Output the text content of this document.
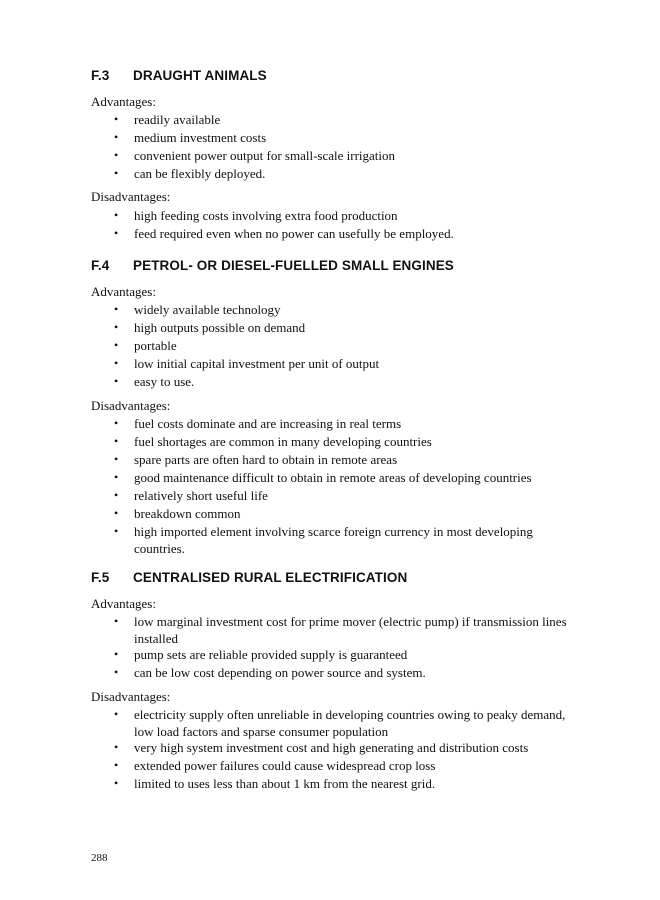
F.3 DRAUGHT ANIMALS
Advantages:
• readily available
• medium investment costs
• convenient power output for small-scale irrigation
• can be flexibly deployed.
Disadvantages:
• high feeding costs involving extra food production
• feed required even when no power can usefully be employed.
F.4 PETROL- OR DIESEL-FUELLED SMALL ENGINES
Advantages:
• widely available technology
• high outputs possible on demand
• portable
• low initial capital investment per unit of output
• easy to use.
Disadvantages:
• fuel costs dominate and are increasing in real terms
• fuel shortages are common in many developing countries
• spare parts are often hard to obtain in remote areas
• good maintenance difficult to obtain in remote areas of developing countries
• relatively short useful life
• breakdown common
• high imported element involving scarce foreign currency in most developing countries.
F.5 CENTRALISED RURAL ELECTRIFICATION
Advantages:
• low marginal investment cost for prime mover (electric pump) if transmission lines installed
• pump sets are reliable provided supply is guaranteed
• can be low cost depending on power source and system.
Disadvantages:
• electricity supply often unreliable in developing countries owing to peaky demand, low load factors and sparse consumer population
• very high system investment cost and high generating and distribution costs
• extended power failures could cause widespread crop loss
• limited to uses less than about 1 km from the nearest grid.
288
